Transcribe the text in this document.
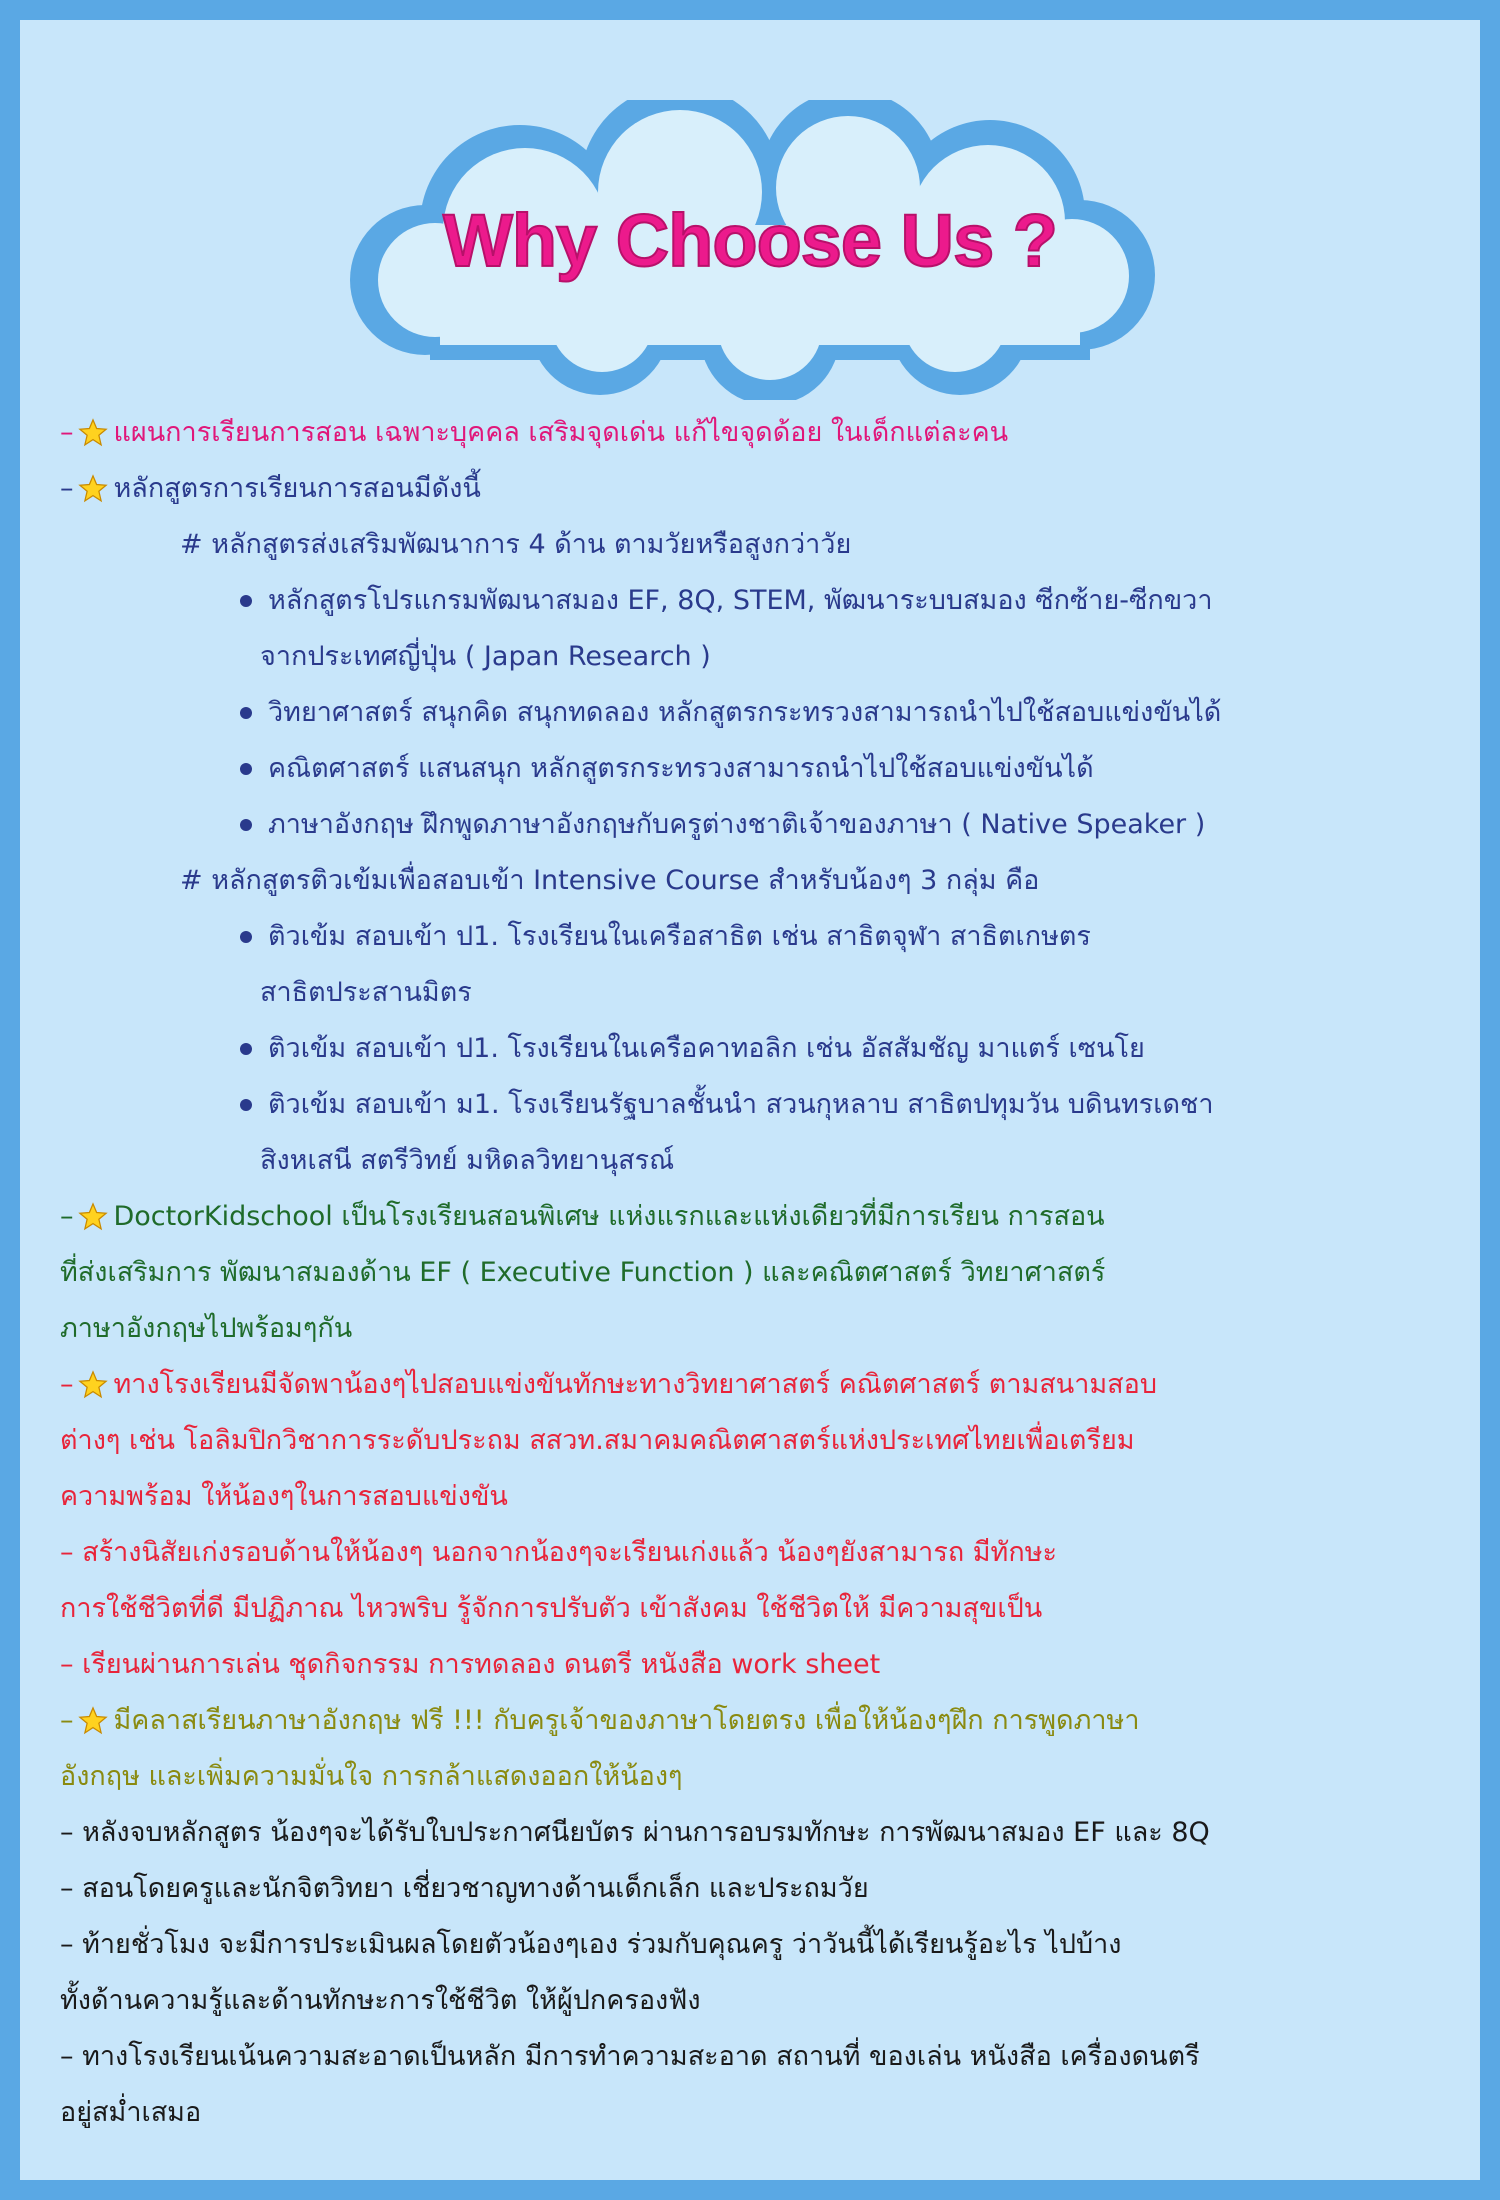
Why Choose Us ?
– แผนการเรียนการสอน เฉพาะบุคคล เสริมจุดเด่น แก้ไขจุดด้อย ในเด็กแต่ละคน
– หลักสูตรการเรียนการสอนมีดังนี้
# หลักสูตรส่งเสริมพัฒนาการ 4 ด้าน ตามวัยหรือสูงกว่าวัย
หลักสูตรโปรแกรมพัฒนาสมอง EF, 8Q, STEM, พัฒนาระบบสมอง ซีกซ้าย-ซีกขวา
จากประเทศญี่ปุ่น ( Japan Research )
วิทยาศาสตร์ สนุกคิด สนุกทดลอง หลักสูตรกระทรวงสามารถนำไปใช้สอบแข่งขันได้
คณิตศาสตร์ แสนสนุก หลักสูตรกระทรวงสามารถนำไปใช้สอบแข่งขันได้
ภาษาอังกฤษ ฝึกพูดภาษาอังกฤษกับครูต่างชาติเจ้าของภาษา ( Native Speaker )
# หลักสูตรติวเข้มเพื่อสอบเข้า Intensive Course สำหรับน้องๆ 3 กลุ่ม คือ
ติวเข้ม สอบเข้า ป1. โรงเรียนในเครือสาธิต เช่น สาธิตจุฬา สาธิตเกษตร
สาธิตประสานมิตร
ติวเข้ม สอบเข้า ป1. โรงเรียนในเครือคาทอลิก เช่น อัสสัมชัญ มาแตร์ เซนโย
ติวเข้ม สอบเข้า ม1. โรงเรียนรัฐบาลชั้นนำ สวนกุหลาบ สาธิตปทุมวัน บดินทรเดชา
สิงหเสนี สตรีวิทย์ มหิดลวิทยานุสรณ์
– DoctorKidschool เป็นโรงเรียนสอนพิเศษ แห่งแรกและแห่งเดียวที่มีการเรียน การสอน
ที่ส่งเสริมการ พัฒนาสมองด้าน EF ( Executive Function ) และคณิตศาสตร์ วิทยาศาสตร์
ภาษาอังกฤษไปพร้อมๆกัน
– ทางโรงเรียนมีจัดพาน้องๆไปสอบแข่งขันทักษะทางวิทยาศาสตร์ คณิตศาสตร์ ตามสนามสอบ
ต่างๆ เช่น โอลิมปิกวิชาการระดับประถม สสวท.สมาคมคณิตศาสตร์แห่งประเทศไทยเพื่อเตรียม
ความพร้อม ให้น้องๆในการสอบแข่งขัน
– สร้างนิสัยเก่งรอบด้านให้น้องๆ นอกจากน้องๆจะเรียนเก่งแล้ว น้องๆยังสามารถ มีทักษะ
การใช้ชีวิตที่ดี มีปฏิภาณ ไหวพริบ รู้จักการปรับตัว เข้าสังคม ใช้ชีวิตให้ มีความสุขเป็น
– เรียนผ่านการเล่น ชุดกิจกรรม การทดลอง ดนตรี หนังสือ work sheet
– มีคลาสเรียนภาษาอังกฤษ ฟรี !!! กับครูเจ้าของภาษาโดยตรง เพื่อให้น้องๆฝึก การพูดภาษา
อังกฤษ และเพิ่มความมั่นใจ การกล้าแสดงออกให้น้องๆ
– หลังจบหลักสูตร น้องๆจะได้รับใบประกาศนียบัตร ผ่านการอบรมทักษะ การพัฒนาสมอง EF และ 8Q
– สอนโดยครูและนักจิตวิทยา เชี่ยวชาญทางด้านเด็กเล็ก และประถมวัย
– ท้ายชั่วโมง จะมีการประเมินผลโดยตัวน้องๆเอง ร่วมกับคุณครู ว่าวันนี้ได้เรียนรู้อะไร ไปบ้าง
ทั้งด้านความรู้และด้านทักษะการใช้ชีวิต ให้ผู้ปกครองฟัง
– ทางโรงเรียนเน้นความสะอาดเป็นหลัก มีการทำความสะอาด สถานที่ ของเล่น หนังสือ เครื่องดนตรี
อยู่สม่ำเสมอ
